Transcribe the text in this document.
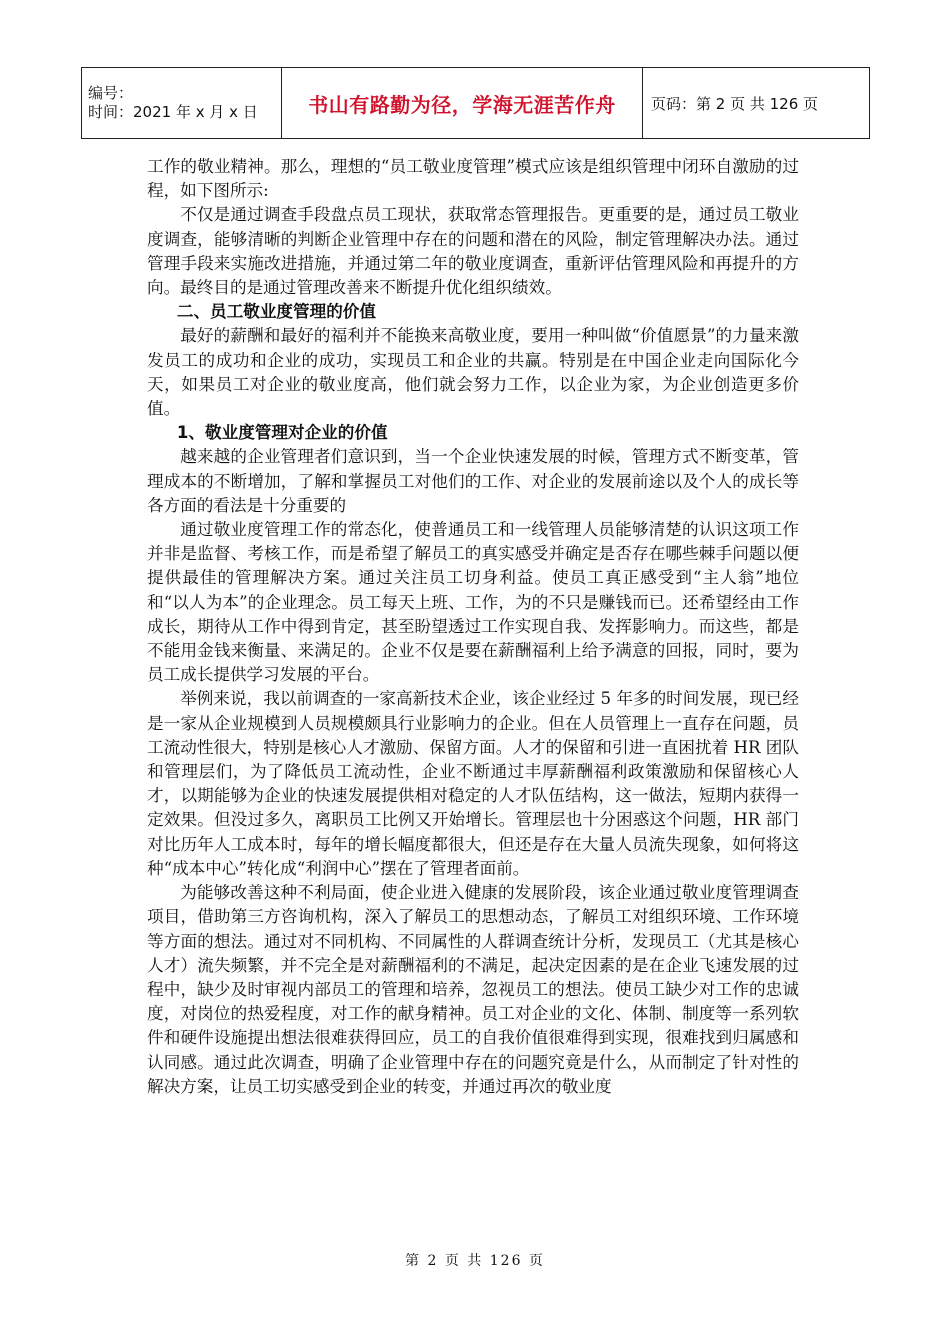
编号：
时间：2021 年 x 月 x 日	书山有路勤为径，学海无涯苦作舟	页码：第 2 页 共 126 页

工作的敬业精神。那么，理想的“员工敬业度管理”模式应该是组织管理中闭环自激励的过程，如下图所示:

不仅是通过调查手段盘点员工现状，获取常态管理报告。更重要的是，通过员工敬业度调查，能够清晰的判断企业管理中存在的问题和潜在的风险，制定管理解决办法。通过管理手段来实施改进措施，并通过第二年的敬业度调查，重新评估管理风险和再提升的方向。最终目的是通过管理改善来不断提升优化组织绩效。

二、员工敬业度管理的价值

最好的薪酬和最好的福利并不能换来高敬业度，要用一种叫做“价值愿景”的力量来激发员工的成功和企业的成功，实现员工和企业的共赢。特别是在中国企业走向国际化今天，如果员工对企业的敬业度高，他们就会努力工作，以企业为家，为企业创造更多价值。

1、敬业度管理对企业的价值

越来越的企业管理者们意识到，当一个企业快速发展的时候，管理方式不断变革，管理成本的不断增加，了解和掌握员工对他们的工作、对企业的发展前途以及个人的成长等各方面的看法是十分重要的

通过敬业度管理工作的常态化，使普通员工和一线管理人员能够清楚的认识这项工作并非是监督、考核工作，而是希望了解员工的真实感受并确定是否存在哪些棘手问题以便提供最佳的管理解决方案。通过关注员工切身利益。使员工真正感受到“主人翁”地位和“以人为本”的企业理念。员工每天上班、工作，为的不只是赚钱而已。还希望经由工作成长，期待从工作中得到肯定，甚至盼望透过工作实现自我、发挥影响力。而这些，都是不能用金钱来衡量、来满足的。企业不仅是要在薪酬福利上给予满意的回报，同时，要为员工成长提供学习发展的平台。

举例来说，我以前调查的一家高新技术企业，该企业经过 5 年多的时间发展，现已经是一家从企业规模到人员规模颇具行业影响力的企业。但在人员管理上一直存在问题，员工流动性很大，特别是核心人才激励、保留方面。人才的保留和引进一直困扰着 HR 团队和管理层们，为了降低员工流动性，企业不断通过丰厚薪酬福利政策激励和保留核心人才，以期能够为企业的快速发展提供相对稳定的人才队伍结构，这一做法，短期内获得一定效果。但没过多久，离职员工比例又开始增长。管理层也十分困惑这个问题，HR 部门对比历年人工成本时，每年的增长幅度都很大，但还是存在大量人员流失现象，如何将这种“成本中心”转化成“利润中心”摆在了管理者面前。

为能够改善这种不利局面，使企业进入健康的发展阶段，该企业通过敬业度管理调查项目，借助第三方咨询机构，深入了解员工的思想动态，了解员工对组织环境、工作环境等方面的想法。通过对不同机构、不同属性的人群调查统计分析，发现员工（尤其是核心人才）流失频繁，并不完全是对薪酬福利的不满足，起决定因素的是在企业飞速发展的过程中，缺少及时审视内部员工的管理和培养，忽视员工的想法。使员工缺少对工作的忠诚度，对岗位的热爱程度，对工作的献身精神。员工对企业的文化、体制、制度等一系列软件和硬件设施提出想法很难获得回应，员工的自我价值很难得到实现，很难找到归属感和认同感。通过此次调查，明确了企业管理中存在的问题究竟是什么，从而制定了针对性的解决方案，让员工切实感受到企业的转变，并通过再次的敬业度

第 2 页 共 126 页
